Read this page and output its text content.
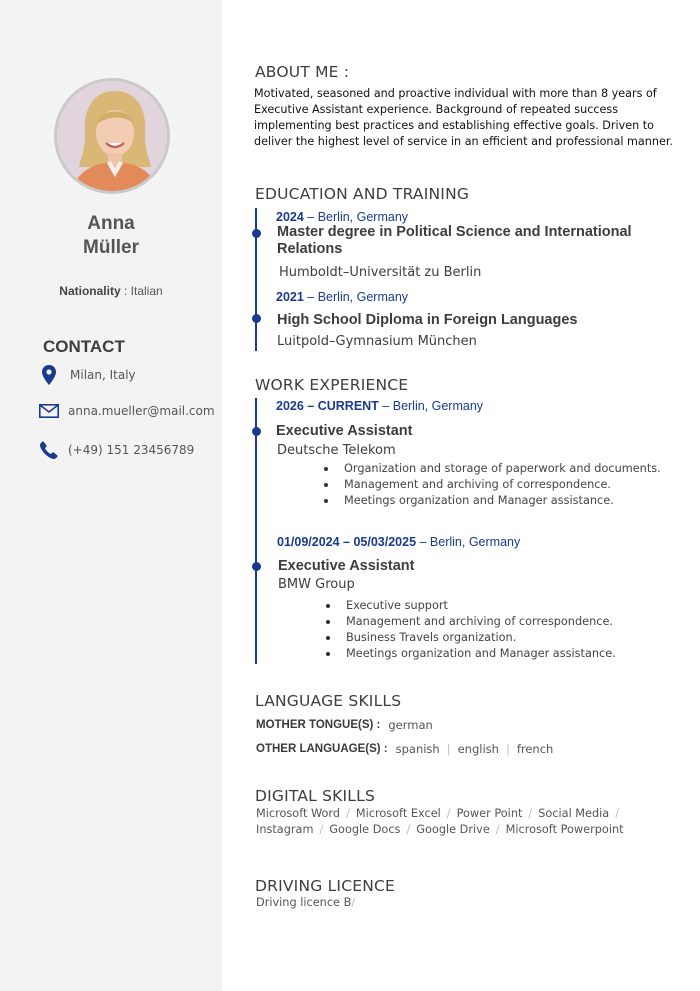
Anna
Müller
Nationality : Italian
CONTACT
Milan, Italy
anna.mueller@mail.com
(+49) 151 23456789
ABOUT ME :
Motivated, seasoned and proactive individual with more than 8 years of Executive Assistant experience. Background of repeated success implementing best practices and establishing effective goals. Driven to deliver the highest level of service in an efficient and professional manner.
EDUCATION AND TRAINING
2024 – Berlin, Germany
Master degree in Political Science and International Relations
Humboldt–Universität zu Berlin
2021 – Berlin, Germany
High School Diploma in Foreign Languages
Luitpold–Gymnasium München
WORK EXPERIENCE
2026 – CURRENT – Berlin, Germany
Executive Assistant
Deutsche Telekom
Organization and storage of paperwork and documents.
Management and archiving of correspondence.
Meetings organization and Manager assistance.
01/09/2024 – 05/03/2025 – Berlin, Germany
Executive Assistant
BMW Group
Executive support
Management and archiving of correspondence.
Business Travels organization.
Meetings organization and Manager assistance.
LANGUAGE SKILLS
MOTHER TONGUE(S) : german
OTHER LANGUAGE(S) : spanish | english | french
DIGITAL SKILLS
Microsoft Word / Microsoft Excel / Power Point / Social Media /
Instagram / Google Docs / Google Drive / Microsoft Powerpoint
DRIVING LICENCE
Driving licence B/
